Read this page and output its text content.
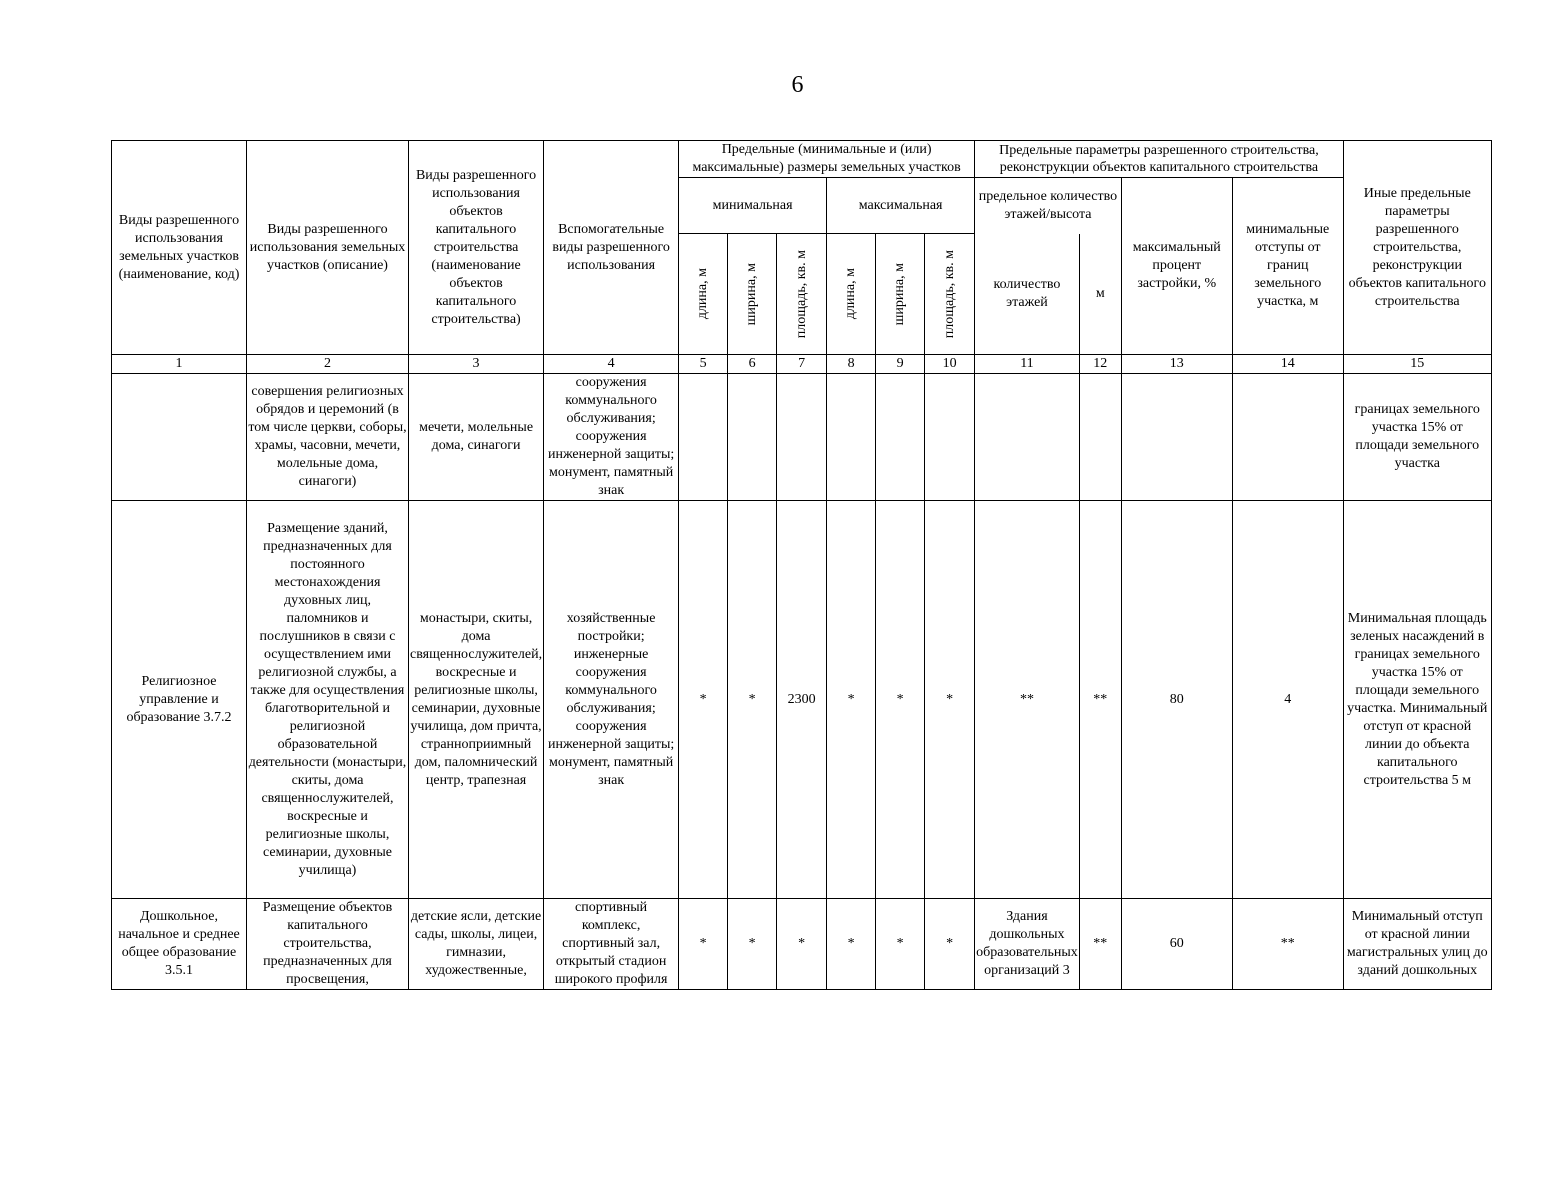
6
Виды разрешенного использования земельных участков (наименование, код)	Виды разрешенного использования земельных участков (описание)	Виды разрешенного использования объектов капитального строительства (наименование объектов капитального строительства)	Вспомогательные виды разрешенного использования	Предельные (минимальные и (или) максимальные) размеры земельных участков						Предельные параметры разрешенного строительства, реконструкции объектов капитального строительства				Иные предельные параметры разрешенного строительства, реконструкции объектов капитального строительства
				минимальная			максимальная			предельное количество этажей/высота		максимальный процент застройки, %	минимальные отступы от границ земельного участка, м	

				длина, м	ширина, м	площадь, кв. м	длина, м	ширина, м	площадь, кв. м	количество этажей	м			
1	2	3	4	5	6	7	8	9	10	11	12	13	14	15
	совершения религиозных обрядов и церемоний (в том числе церкви, соборы, храмы, часовни, мечети, молельные дома, синагоги)	мечети, молельные дома, синагоги	сооружения коммунального обслуживания; сооружения инженерной защиты; монумент, памятный знак											границах земельного участка 15% от площади земельного участка
Религиозное управление и образование 3.7.2	Размещение зданий, предназначенных для постоянного местонахождения духовных лиц, паломников и послушников в связи с осуществлением ими религиозной службы, а также для осуществления благотворительной и религиозной образовательной деятельности (монастыри, скиты, дома священнослужителей, воскресные и религиозные школы, семинарии, духовные училища)	монастыри, скиты, дома священнослужителей, воскресные и религиозные школы, семинарии, духовные училища, дом причта, странноприимный дом, паломнический центр, трапезная	хозяйственные постройки; инженерные сооружения коммунального обслуживания; сооружения инженерной защиты; монумент, памятный знак	*	*	2300	*	*	*	**	**	80	4	Минимальная площадь зеленых насаждений в границах земельного участка 15% от площади земельного участка. Минимальный отступ от красной линии до объекта капитального строительства 5 м
Дошкольное, начальное и среднее общее образование 3.5.1	Размещение объектов капитального строительства, предназначенных для просвещения,	детские ясли, детские сады, школы, лицеи, гимназии, художественные,	спортивный комплекс, спортивный зал, открытый стадион широкого профиля	*	*	*	*	*	*	Здания дошкольных образовательных организаций 3	**	60	**	Минимальный отступ от красной линии магистральных улиц до зданий дошкольных
